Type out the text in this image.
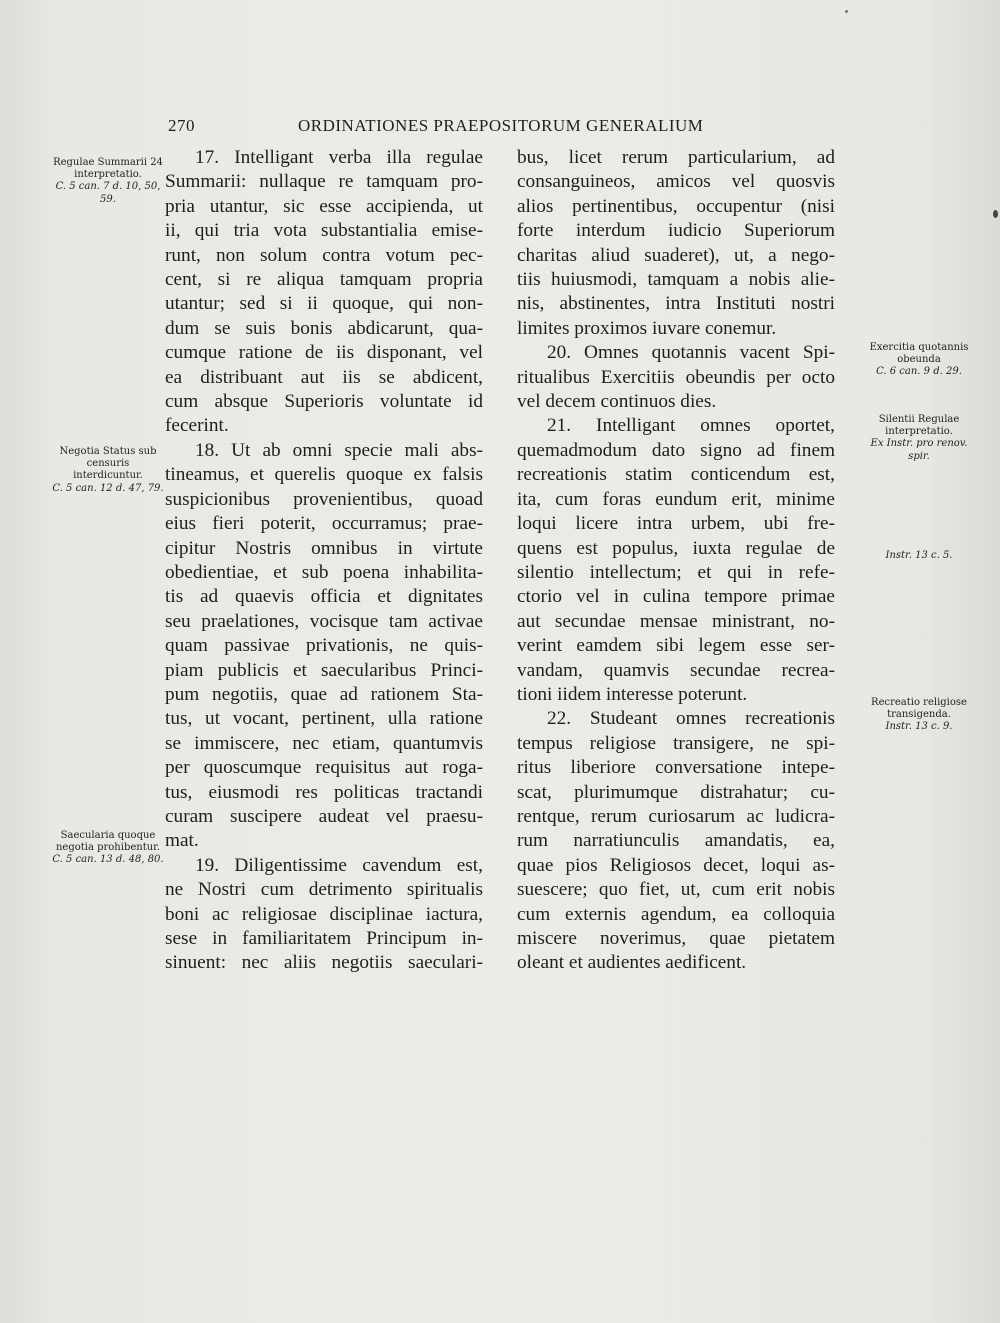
270	ORDINATIONES PRAEPOSITORUM GENERALIUM
Regulae Summarii 24 interpretatio.
C. 5 can. 7 d. 10, 50, 59.
Negotia Status sub censuris interdicuntur.
C. 5 can. 12 d. 47, 79.
Saecularia quoque negotia prohibentur.
C. 5 can. 13 d. 48, 80.
Exercitia quotannis obeunda
C. 6 can. 9 d. 29.
Silentii Regulae interpretatio.
Ex Instr. pro renov. spir.
Instr. 13 c. 5.
Recreatio religiose transigenda.
Instr. 13 c. 9.
17. Intelligant verba illa regulae
Summarii: nullaque re tamquam pro-
pria utantur, sic esse accipienda, ut
ii, qui tria vota substantialia emise-
runt, non solum contra votum pec-
cent, si re aliqua tamquam propria
utantur; sed si ii quoque, qui non-
dum se suis bonis abdicarunt, qua-
cumque ratione de iis disponant, vel
ea distribuant aut iis se abdicent,
cum absque Superioris voluntate id
fecerint.
18. Ut ab omni specie mali abs-
tineamus, et querelis quoque ex falsis
suspicionibus provenientibus, quoad
eius fieri poterit, occurramus; prae-
cipitur Nostris omnibus in virtute
obedientiae, et sub poena inhabilita-
tis ad quaevis officia et dignitates
seu praelationes, vocisque tam activae
quam passivae privationis, ne quis-
piam publicis et saecularibus Princi-
pum negotiis, quae ad rationem Sta-
tus, ut vocant, pertinent, ulla ratione
se immiscere, nec etiam, quantumvis
per quoscumque requisitus aut roga-
tus, eiusmodi res politicas tractandi
curam suscipere audeat vel praesu-
mat.
19. Diligentissime cavendum est,
ne Nostri cum detrimento spiritualis
boni ac religiosae disciplinae iactura,
sese in familiaritatem Principum in-
sinuent: nec aliis negotiis saeculari-
bus, licet rerum particularium, ad
consanguineos, amicos vel quosvis
alios pertinentibus, occupentur (nisi
forte interdum iudicio Superiorum
charitas aliud suaderet), ut, a nego-
tiis huiusmodi, tamquam a nobis alie-
nis, abstinentes, intra Instituti nostri
limites proximos iuvare conemur.
20. Omnes quotannis vacent Spi-
ritualibus Exercitiis obeundis per octo
vel decem continuos dies.
21. Intelligant omnes oportet,
quemadmodum dato signo ad finem
recreationis statim conticendum est,
ita, cum foras eundum erit, minime
loqui licere intra urbem, ubi fre-
quens est populus, iuxta regulae de
silentio intellectum; et qui in refe-
ctorio vel in culina tempore primae
aut secundae mensae ministrant, no-
verint eamdem sibi legem esse ser-
vandam, quamvis secundae recrea-
tioni iidem interesse poterunt.
22. Studeant omnes recreationis
tempus religiose transigere, ne spi-
ritus liberiore conversatione intepe-
scat, plurimumque distrahatur; cu-
rentque, rerum curiosarum ac ludicra-
rum narratiunculis amandatis, ea,
quae pios Religiosos decet, loqui as-
suescere; quo fiet, ut, cum erit nobis
cum externis agendum, ea colloquia
miscere noverimus, quae pietatem
oleant et audientes aedificent.
